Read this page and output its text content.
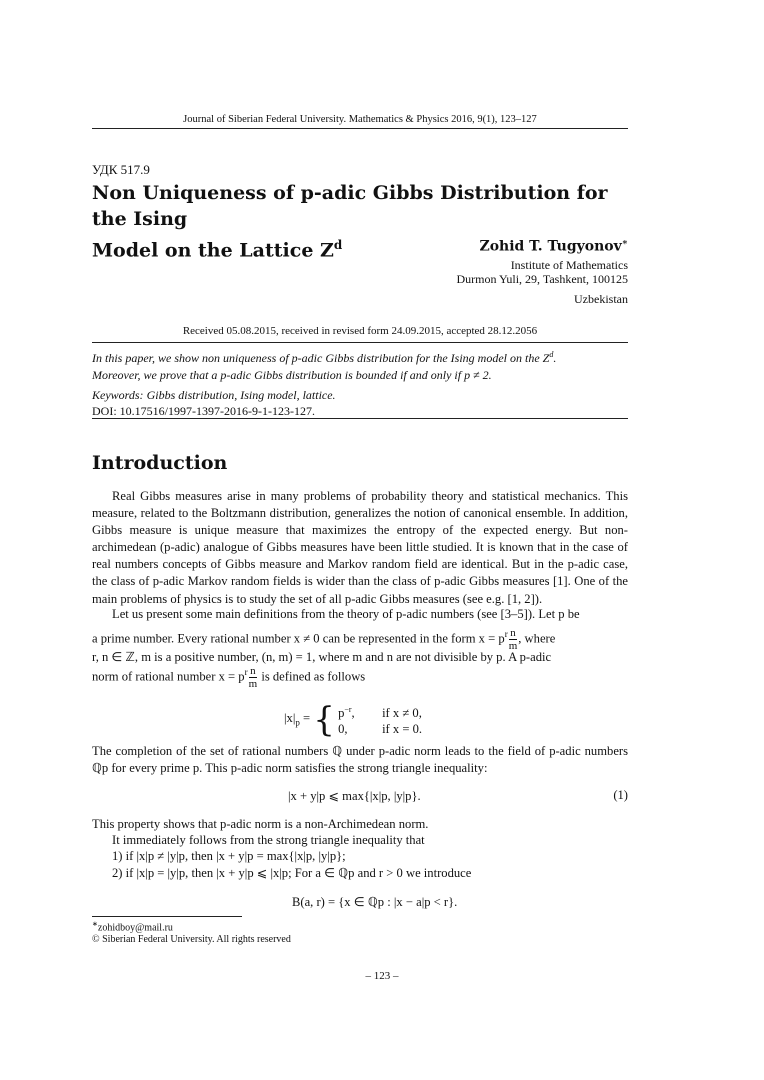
Journal of Siberian Federal University. Mathematics & Physics 2016, 9(1), 123–127
УДК 517.9
Non Uniqueness of p-adic Gibbs Distribution for the Ising
Model on the Lattice $Z^d$	Zohid T. Tugyonov∗
Institute of Mathematics
Durmon Yuli, 29, Tashkent, 100125
Uzbekistan
Received 05.08.2015, received in revised form 24.09.2015, accepted 28.12.2056
In this paper, we show non uniqueness of p-adic Gibbs distribution for the Ising model on the $Z^d$.
Moreover, we prove that a p-adic Gibbs distribution is bounded if and only if p ≠ 2.
Keywords: Gibbs distribution, Ising model, lattice.
DOI: 10.17516/1997-1397-2016-9-1-123-127.
Introduction
Real Gibbs measures arise in many problems of probability theory and statistical mechanics. This measure, related to the Boltzmann distribution, generalizes the notion of canonical ensemble. In addition, Gibbs measure is unique measure that maximizes the entropy of the expected energy. But non-archimedean (p-adic) analogue of Gibbs measures have been little studied. It is known that in the case of real numbers concepts of Gibbs measure and Markov random field are identical. But in the p-adic case, the class of p-adic Markov random fields is wider than the class of p-adic Gibbs measures [1]. One of the main problems of physics is to study the set of all p-adic Gibbs measures (see e.g. [1, 2]).
Let us present some main definitions from the theory of p-adic numbers (see [3–5]). Let p be
a prime number. Every rational number x ≠ 0 can be represented in the form $x = p^r \frac{n}{m}$ , where
r, n ∈ ℤ, m is a positive number, (n, m) = 1, where m and n are not divisible by p. A p-adic
norm of rational number $x = p^r \frac{n}{m}$ is defined as follows
$|x|_p$ = { $p^{-r}$, if x ≠ 0,
0,	if x = 0.
The completion of the set of rational numbers ℚ under p-adic norm leads to the field of p-adic numbers ℚp for every prime p. This p-adic norm satisfies the strong triangle inequality:
|x + y|p ⩽ max{|x|p, |y|p}.	(1)
This property shows that p-adic norm is a non-Archimedean norm.
It immediately follows from the strong triangle inequality that
1) if |x|p ≠ |y|p, then |x + y|p = max{|x|p, |y|p};
2) if |x|p = |y|p, then |x + y|p ⩽ |x|p; For a ∈ ℚp and r > 0 we introduce
B(a, r) = {x ∈ ℚp : |x − a|p < r}.
∗zohidboy@mail.ru
© Siberian Federal University. All rights reserved
– 123 –
